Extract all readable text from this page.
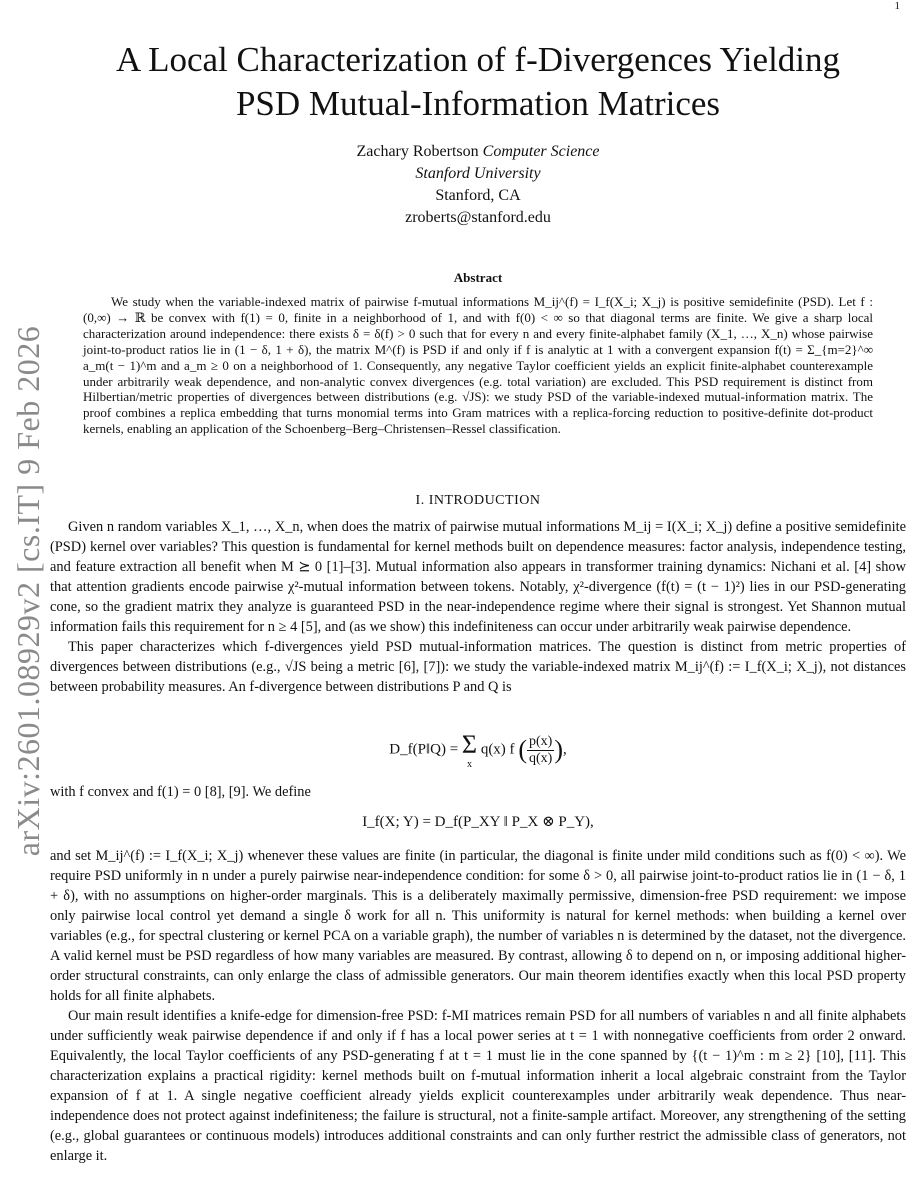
1
arXiv:2601.08929v2 [cs.IT] 9 Feb 2026
A Local Characterization of f-Divergences Yielding
PSD Mutual-Information Matrices
Zachary Robertson Computer Science
Stanford University
Stanford, CA
zroberts@stanford.edu
Abstract

We study when the variable-indexed matrix of pairwise f-mutual informations M_ij^(f) = I_f(X_i; X_j) is positive semidefinite (PSD). Let f : (0,∞) → ℝ be convex with f(1) = 0, finite in a neighborhood of 1, and with f(0) < ∞ so that diagonal terms are finite. We give a sharp local characterization around independence: there exists δ = δ(f) > 0 such that for every n and every finite-alphabet family (X_1, …, X_n) whose pairwise joint-to-product ratios lie in (1 − δ, 1 + δ), the matrix M^(f) is PSD if and only if f is analytic at 1 with a convergent expansion f(t) = Σ_{m=2}^∞ a_m(t − 1)^m and a_m ≥ 0 on a neighborhood of 1. Consequently, any negative Taylor coefficient yields an explicit finite-alphabet counterexample under arbitrarily weak dependence, and non-analytic convex divergences (e.g. total variation) are excluded. This PSD requirement is distinct from Hilbertian/metric properties of divergences between distributions (e.g. √JS): we study PSD of the variable-indexed mutual-information matrix. The proof combines a replica embedding that turns monomial terms into Gram matrices with a replica-forcing reduction to positive-definite dot-product kernels, enabling an application of the Schoenberg–Berg–Christensen–Ressel classification.

I. INTRODUCTION

Given n random variables X_1, …, X_n, when does the matrix of pairwise mutual informations M_ij = I(X_i; X_j) define a positive semidefinite (PSD) kernel over variables? This question is fundamental for kernel methods built on dependence measures: factor analysis, independence testing, and feature extraction all benefit when M ⪰ 0 [1]–[3]. Mutual information also appears in transformer training dynamics: Nichani et al. [4] show that attention gradients encode pairwise χ²-mutual information between tokens. Notably, χ²-divergence (f(t) = (t − 1)²) lies in our PSD-generating cone, so the gradient matrix they analyze is guaranteed PSD in the near-independence regime where their signal is strongest. Yet Shannon mutual information fails this requirement for n ≥ 4 [5], and (as we show) this indefiniteness can occur under arbitrarily weak pairwise dependence.

This paper characterizes which f-divergences yield PSD mutual-information matrices. The question is distinct from metric properties of divergences between distributions (e.g., √JS being a metric [6], [7]): we study the variable-indexed matrix M_ij^(f) := I_f(X_i; X_j), not distances between probability measures. An f-divergence between distributions P and Q is

D_f(P‖Q) = Σ
x
q(x) f ( $\frac{p(x)}{q(x)}$ ),

with f convex and f(1) = 0 [8], [9]. We define

I_f(X; Y) = D_f(P_XY ‖ P_X ⊗ P_Y),

and set M_ij^(f) := I_f(X_i; X_j) whenever these values are finite (in particular, the diagonal is finite under mild conditions such as f(0) < ∞). We require PSD uniformly in n under a purely pairwise near-independence condition: for some δ > 0, all pairwise joint-to-product ratios lie in (1 − δ, 1 + δ), with no assumptions on higher-order marginals. This is a deliberately maximally permissive, dimension-free PSD requirement: we impose only pairwise local control yet demand a single δ work for all n. This uniformity is natural for kernel methods: when building a kernel over variables (e.g., for spectral clustering or kernel PCA on a variable graph), the number of variables n is determined by the dataset, not the divergence. A valid kernel must be PSD regardless of how many variables are measured. By contrast, allowing δ to depend on n, or imposing additional higher-order structural constraints, can only enlarge the class of admissible generators. Our main theorem identifies exactly when this local PSD property holds for all finite alphabets.

Our main result identifies a knife-edge for dimension-free PSD: f-MI matrices remain PSD for all numbers of variables n and all finite alphabets under sufficiently weak pairwise dependence if and only if f has a local power series at t = 1 with nonnegative coefficients from order 2 onward. Equivalently, the local Taylor coefficients of any PSD-generating f at t = 1 must lie in the cone spanned by {(t − 1)^m : m ≥ 2} [10], [11]. This characterization explains a practical rigidity: kernel methods built on f-mutual information inherit a local algebraic constraint from the Taylor expansion of f at 1. A single negative coefficient already yields explicit counterexamples under arbitrarily weak dependence. Thus near-independence does not protect against indefiniteness; the failure is structural, not a finite-sample artifact. Moreover, any strengthening of the setting (e.g., global guarantees or continuous models) introduces additional constraints and can only further restrict the admissible class of generators, not enlarge it.
